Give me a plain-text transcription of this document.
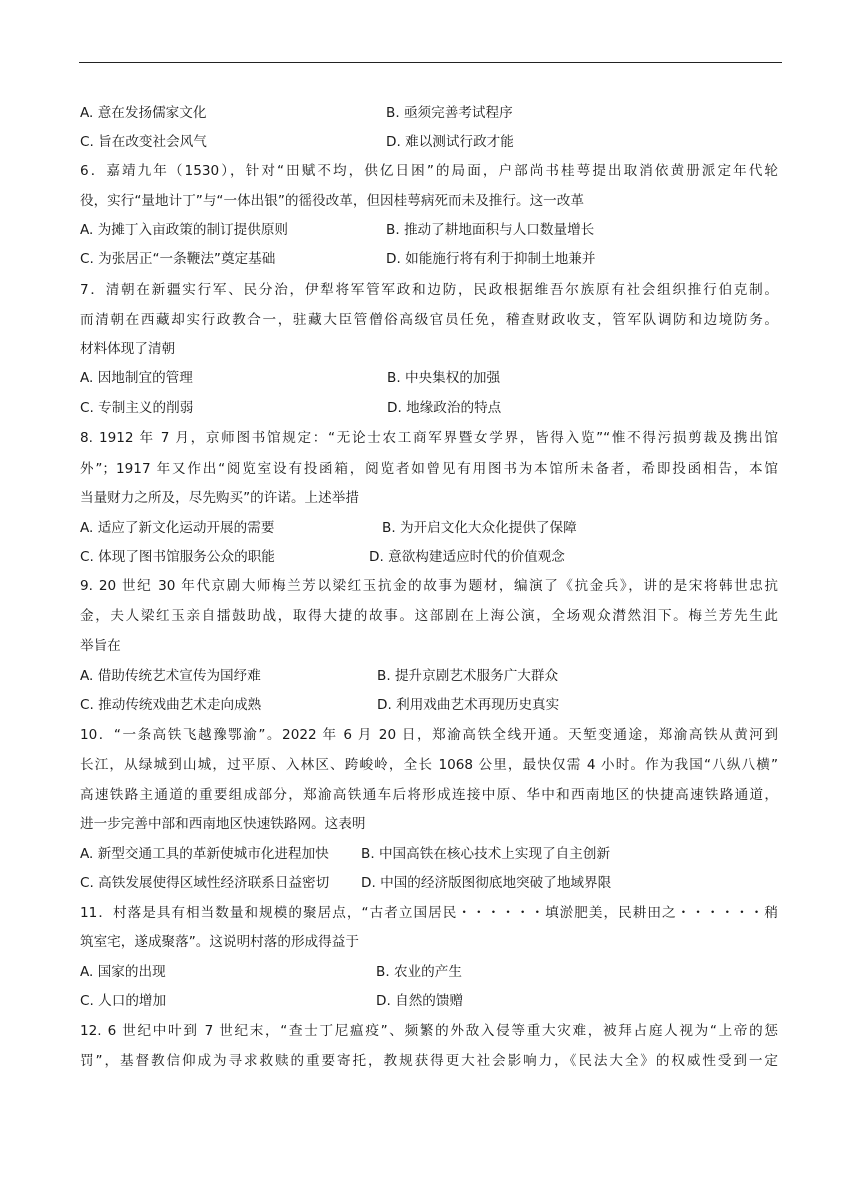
A. 意在发扬儒家文化	B. 亟须完善考试程序
C. 旨在改变社会风气	D. 难以测试行政才能
6．嘉靖九年（1530），针对“田赋不均，供亿日困”的局面，户部尚书桂萼提出取消依黄册派定年代轮
役，实行“量地计丁”与“一体出银”的徭役改革，但因桂萼病死而未及推行。这一改革
A. 为摊丁入亩政策的制订提供原则	B. 推动了耕地面积与人口数量增长
C. 为张居正“一条鞭法”奠定基础	D. 如能施行将有利于抑制土地兼并
7．清朝在新疆实行军、民分治，伊犁将军管军政和边防，民政根据维吾尔族原有社会组织推行伯克制。
而清朝在西藏却实行政教合一，驻藏大臣管僧俗高级官员任免，稽查财政收支，管军队调防和边境防务。
材料体现了清朝
A. 因地制宜的管理	B. 中央集权的加强
C. 专制主义的削弱	D. 地缘政治的特点
8. 1912 年 7 月，京师图书馆规定：“无论士农工商军界暨女学界，皆得入览”“惟不得污损剪裁及携出馆
外”；1917 年又作出“阅览室设有投函箱，阅览者如曾见有用图书为本馆所未备者，希即投函相告，本馆
当量财力之所及，尽先购买”的许诺。上述举措
A. 适应了新文化运动开展的需要	B. 为开启文化大众化提供了保障
C. 体现了图书馆服务公众的职能	D. 意欲构建适应时代的价值观念
9. 20 世纪 30 年代京剧大师梅兰芳以梁红玉抗金的故事为题材，编演了《抗金兵》，讲的是宋将韩世忠抗
金，夫人梁红玉亲自擂鼓助战，取得大捷的故事。这部剧在上海公演，全场观众潸然泪下。梅兰芳先生此
举旨在
A. 借助传统艺术宣传为国纾难	B. 提升京剧艺术服务广大群众
C. 推动传统戏曲艺术走向成熟	D. 利用戏曲艺术再现历史真实
10．“一条高铁飞越豫鄂渝”。2022 年 6 月 20 日，郑渝高铁全线开通。天堑变通途，郑渝高铁从黄河到
长江，从绿城到山城，过平原、入林区、跨峻岭，全长 1068 公里，最快仅需 4 小时。作为我国“八纵八横”
高速铁路主通道的重要组成部分，郑渝高铁通车后将形成连接中原、华中和西南地区的快捷高速铁路通道，
进一步完善中部和西南地区快速铁路网。这表明
A. 新型交通工具的革新使城市化进程加快 B. 中国高铁在核心技术上实现了自主创新
C. 高铁发展使得区域性经济联系日益密切 D. 中国的经济版图彻底地突破了地域界限
11．村落是具有相当数量和规模的聚居点，“古者立国居民・・・・・・填淤肥美，民耕田之・・・・・・稍
筑室宅，遂成聚落”。这说明村落的形成得益于
A. 国家的出现	B. 农业的产生
C. 人口的增加	D. 自然的馈赠
12. 6 世纪中叶到 7 世纪末，“查士丁尼瘟疫”、频繁的外敌入侵等重大灾难，被拜占庭人视为“上帝的惩
罚”，基督教信仰成为寻求救赎的重要寄托，教规获得更大社会影响力，《民法大全》的权威性受到一定
